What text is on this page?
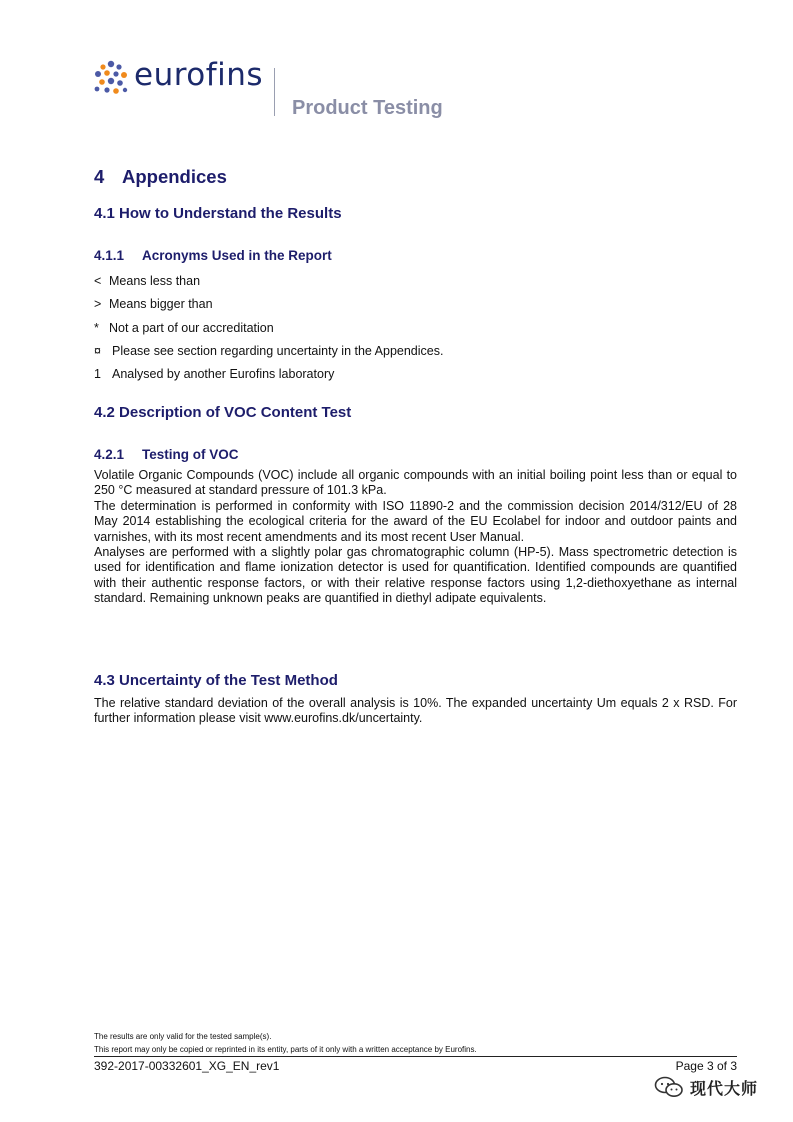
eurofins
Product Testing
4 Appendices
4.1 How to Understand the Results
4.1.1 Acronyms Used in the Report
< Means less than
> Means bigger than
* Not a part of our accreditation
¤ Please see section regarding uncertainty in the Appendices.
1 Analysed by another Eurofins laboratory
4.2 Description of VOC Content Test
4.2.1 Testing of VOC

Volatile Organic Compounds (VOC) include all organic compounds with an initial boiling point less than or equal to 250 °C measured at standard pressure of 101.3 kPa.

The determination is performed in conformity with ISO 11890-2 and the commission decision 2014/312/EU of 28 May 2014 establishing the ecological criteria for the award of the EU Ecolabel for indoor and outdoor paints and varnishes, with its most recent amendments and its most recent User Manual.

Analyses are performed with a slightly polar gas chromatographic column (HP-5). Mass spectrometric detection is used for identification and flame ionization detector is used for quantification. Identified compounds are quantified with their authentic response factors, or with their relative response factors using 1,2-diethoxyethane as internal standard. Remaining unknown peaks are quantified in diethyl adipate equivalents.

4.3 Uncertainty of the Test Method

The relative standard deviation of the overall analysis is 10%. The expanded uncertainty Um equals 2 x RSD. For further information please visit www.eurofins.dk/uncertainty.

The results are only valid for the tested sample(s).
This report may only be copied or reprinted in its entity, parts of it only with a written acceptance by Eurofins.
392-2017-00332601_XG_EN_rev1	Page 3 of 3
现代大师
